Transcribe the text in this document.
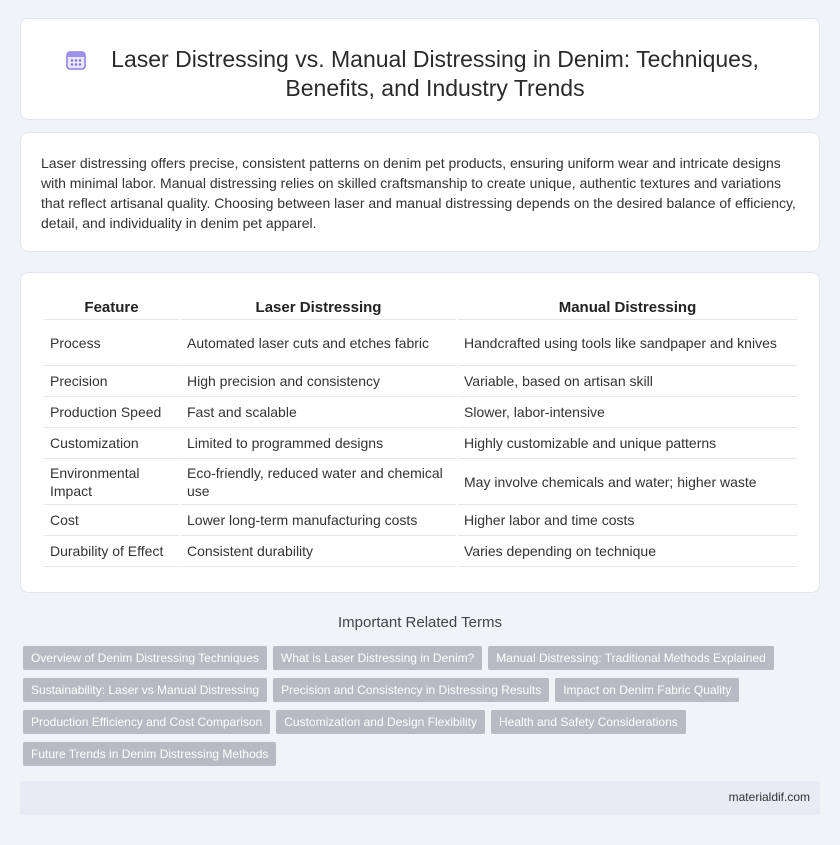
Laser Distressing vs. Manual Distressing in Denim: Techniques, Benefits, and Industry Trends

Laser distressing offers precise, consistent patterns on denim pet products, ensuring uniform wear and intricate designs with minimal labor. Manual distressing relies on skilled craftsmanship to create unique, authentic textures and variations that reflect artisanal quality. Choosing between laser and manual distressing depends on the desired balance of efficiency, detail, and individuality in denim pet apparel.

Feature	Laser Distressing	Manual Distressing
Process	Automated laser cuts and etches fabric	Handcrafted using tools like sandpaper and knives
Precision	High precision and consistency	Variable, based on artisan skill
Production Speed	Fast and scalable	Slower, labor-intensive
Customization	Limited to programmed designs	Highly customizable and unique patterns
Environmental Impact	Eco-friendly, reduced water and chemical use	May involve chemicals and water; higher waste
Cost	Lower long-term manufacturing costs	Higher labor and time costs
Durability of Effect	Consistent durability	Varies depending on technique
Important Related Terms
Overview of Denim Distressing Techniques	What is Laser Distressing in Denim?	Manual Distressing: Traditional Methods Explained
Sustainability: Laser vs Manual Distressing	Precision and Consistency in Distressing Results	Impact on Denim Fabric Quality
Production Efficiency and Cost Comparison	Customization and Design Flexibility	Health and Safety Considerations
Future Trends in Denim Distressing Methods
materialdif.com
